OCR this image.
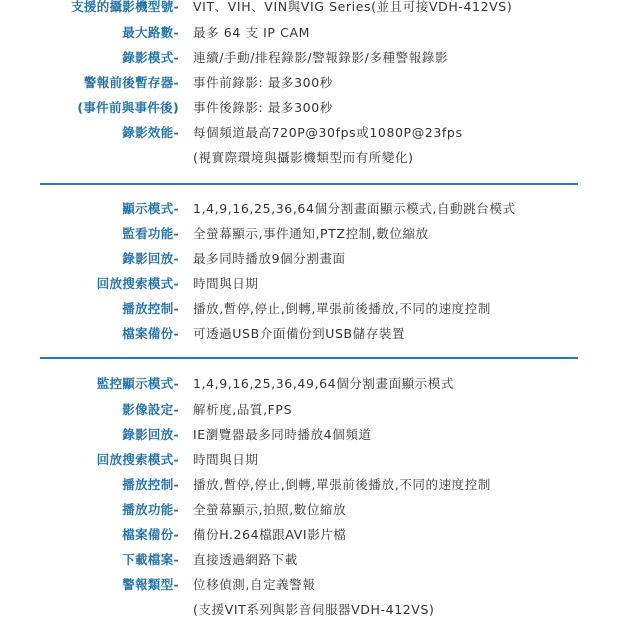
支援的攝影機型號- VIT、VIH、VIN與VIG Series(並且可接VDH-412VS)
最大路數- 最多 64 支 IP CAM
錄影模式- 連續/手動/排程錄影/警報錄影/多種警報錄影
警報前後暫存器- 事件前錄影: 最多300秒
(事件前與事件後) 事件後錄影: 最多300秒
錄影效能- 每個頻道最高720P@30fps或1080P@23fps
(視實際環境與攝影機類型而有所變化)
顯示模式- 1,4,9,16,25,36,64個分割畫面顯示模式,自動跳台模式
監看功能- 全螢幕顯示,事件通知,PTZ控制,數位縮放
錄影回放- 最多同時播放9個分割畫面
回放搜索模式- 時間與日期
播放控制- 播放,暫停,停止,倒轉,單張前後播放,不同的速度控制
檔案備份- 可透過USB介面備份到USB儲存裝置
監控顯示模式- 1,4,9,16,25,36,49,64個分割畫面顯示模式
影像設定- 解析度,品質,FPS
錄影回放- IE瀏覽器最多同時播放4個頻道
回放搜索模式- 時間與日期
播放控制- 播放,暫停,停止,倒轉,單張前後播放,不同的速度控制
播放功能- 全螢幕顯示,拍照,數位縮放
檔案備份- 備份H.264檔跟AVI影片檔
下載檔案- 直接透過網路下載
警報類型- 位移偵測,自定義警報
(支援VIT系列與影音伺服器VDH-412VS)
